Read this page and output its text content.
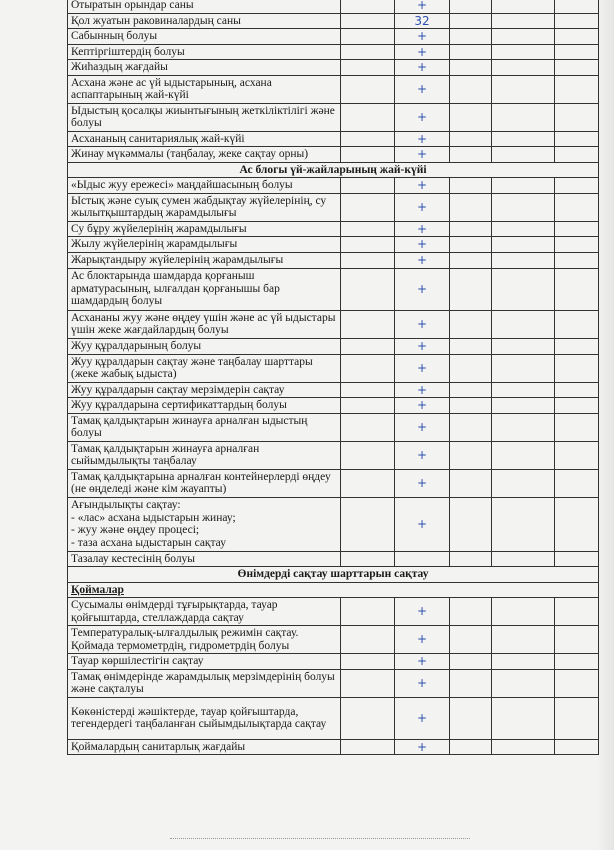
Отыратын орындар саны		+			
Қол жуатын раковиналардың саны		32			
Сабынның болуы		+			
Кептіргіштердің болуы		+			
Жиһаздың жағдайы		+			
Асхана және ас үй ыдыстарының, асхана аспаптарының жай-күйі		+			
Ыдыстың қосалқы жиынтығының жеткіліктілігі және болуы		+			
Асхананың санитариялық жай-күйі		+			
Жинау мүкәммалы (таңбалау, жеке сақтау орны)		+			
Ас блогы үй-жайларының жай-күйі					
«Ыдыс жуу ережесі» маңдайшасының болуы		+			
Ыстық және суық сумен жабдықтау жүйелерінің, су жылытқыштардың жарамдылығы		+			
Су бұру жүйелерінің жарамдылығы		+			
Жылу жүйелерінің жарамдылығы		+			
Жарықтандыру жүйелерінің жарамдылығы		+			
Ас блоктарында шамдарда қорғаныш арматурасының, ылғалдан қорғанышы бар шамдардың болуы		+			
Асхананы жуу және өңдеу үшін және ас үй ыдыстары үшін жеке жағдайлардың болуы		+			
Жуу құралдарының болуы		+			
Жуу құралдарын сақтау және таңбалау шарттары (жеке жабық ыдыста)		+			
Жуу құралдарын сақтау мерзімдерін сақтау		+			
Жуу құралдарына сертификаттардың болуы		+			
Тамақ қалдықтарын жинауға арналған ыдыстың болуы		+			
Тамақ қалдықтарын жинауға арналған сыйымдылықты таңбалау		+			
Тамақ қалдықтарына арналған контейнерлерді өңдеу (не өңделеді және кім жауапты)		+			

Ағындылықты сақтау:
- «лас» асхана ыдыстарын жинау;
- жуу және өңдеу процесі;
- таза асхана ыдыстарын сақтау		+			
Тазалау кестесінің болуы					
Өнімдерді сақтау шарттарын сақтау					
Қоймалар					
Сусымалы өнімдерді тұғырықтарда, тауар қойғыштарда, стеллаждарда сақтау		+			
Температуралық-ылғалдылық режимін сақтау. Қоймада термометрдің, гидрометрдің болуы		+			
Тауар көршілестігін сақтау		+			
Тамақ өнімдерінде жарамдылық мерзімдерінің болуы және сақталуы		+			
Көкөністерді жәшіктерде, тауар қойғыштарда, тегендердегі таңбаланған сыйымдылықтарда сақтау		+			
Қоймалардың санитарлық жағдайы		+			
